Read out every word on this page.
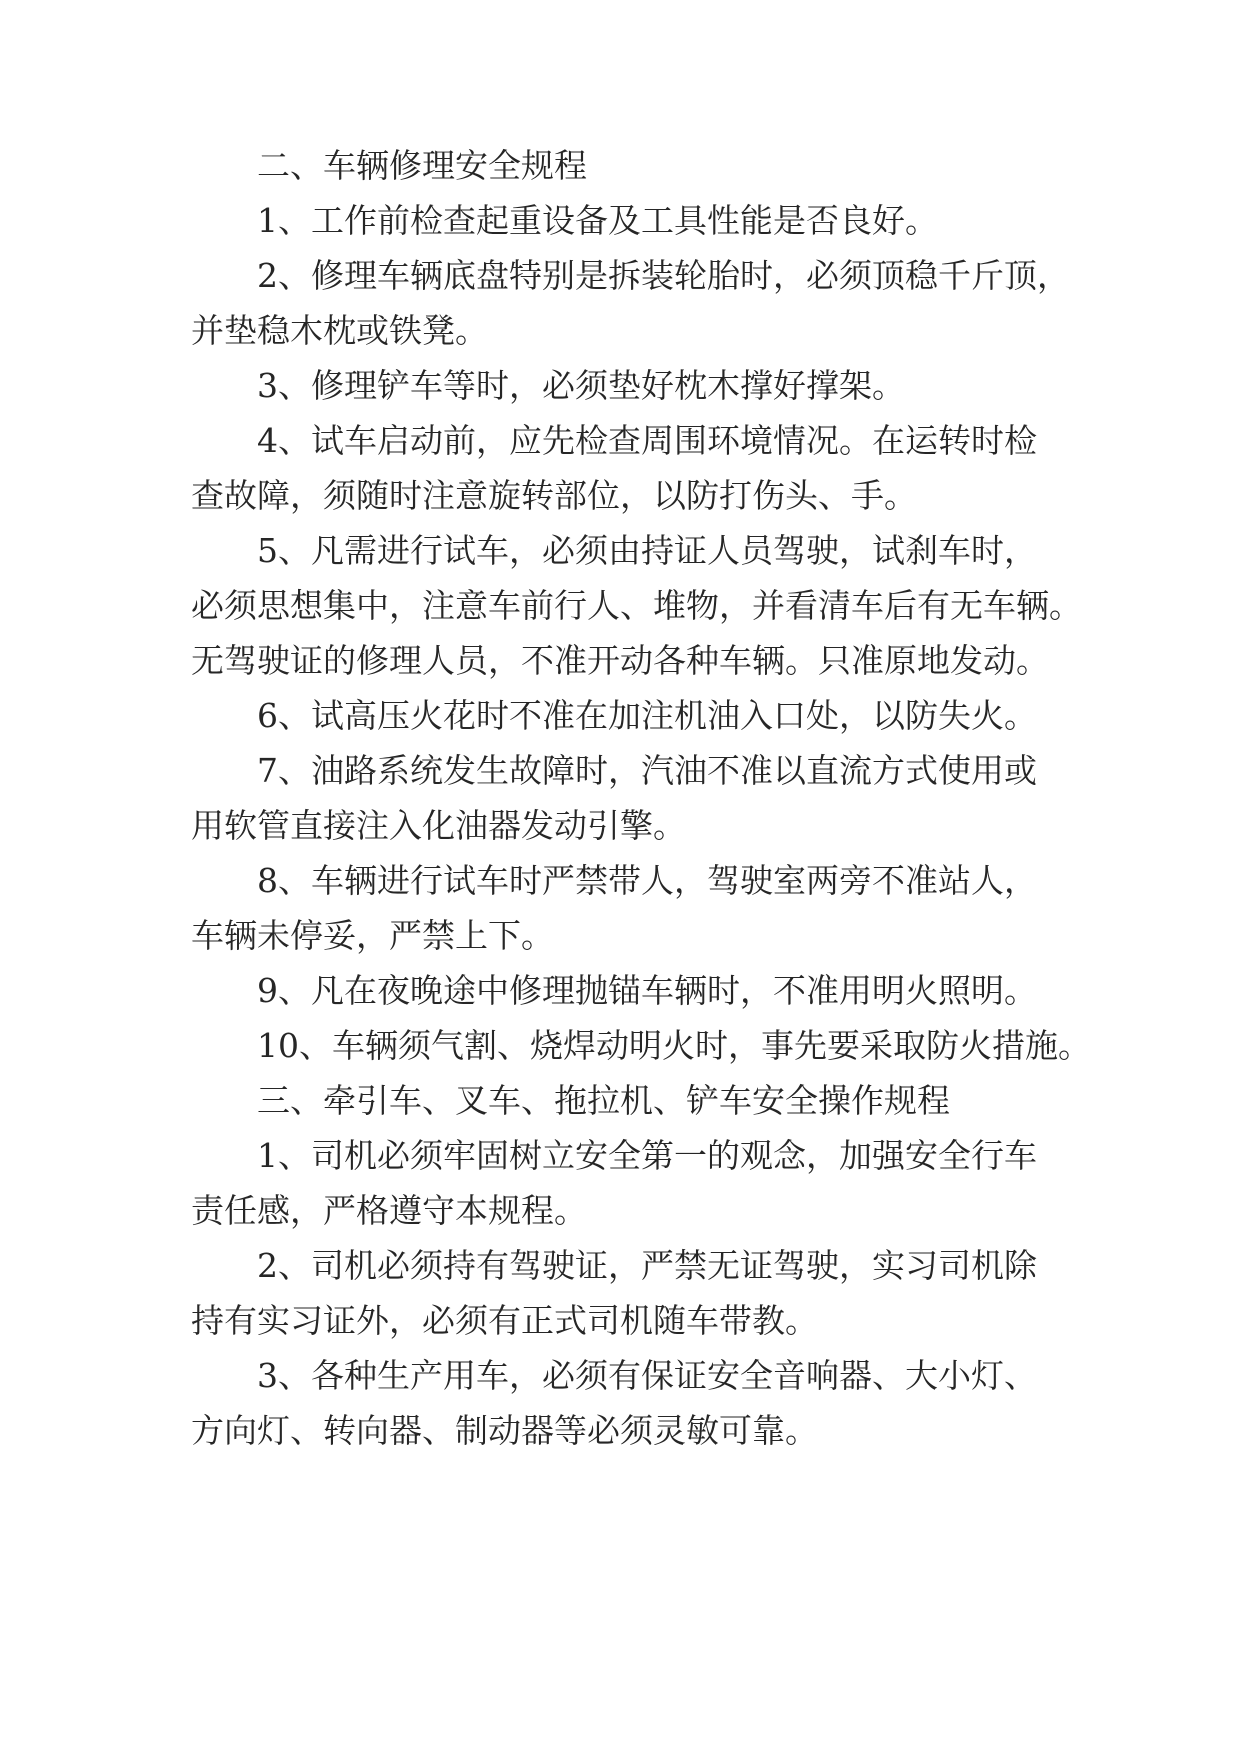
二、车辆修理安全规程
1、工作前检查起重设备及工具性能是否良好。
2、修理车辆底盘特别是拆装轮胎时，必须顶稳千斤顶，
并垫稳木枕或铁凳。
3、修理铲车等时，必须垫好枕木撑好撑架。
4、试车启动前，应先检查周围环境情况。在运转时检
查故障，须随时注意旋转部位，以防打伤头、手。
5、凡需进行试车，必须由持证人员驾驶，试刹车时，
必须思想集中，注意车前行人、堆物，并看清车后有无车辆。
无驾驶证的修理人员，不准开动各种车辆。只准原地发动。
6、试高压火花时不准在加注机油入口处，以防失火。
7、油路系统发生故障时，汽油不准以直流方式使用或
用软管直接注入化油器发动引擎。
8、车辆进行试车时严禁带人，驾驶室两旁不准站人，
车辆未停妥，严禁上下。
9、凡在夜晚途中修理抛锚车辆时，不准用明火照明。
10、车辆须气割、烧焊动明火时，事先要采取防火措施。
三、牵引车、叉车、拖拉机、铲车安全操作规程
1、司机必须牢固树立安全第一的观念，加强安全行车
责任感，严格遵守本规程。
2、司机必须持有驾驶证，严禁无证驾驶，实习司机除
持有实习证外，必须有正式司机随车带教。
3、各种生产用车，必须有保证安全音响器、大小灯、
方向灯、转向器、制动器等必须灵敏可靠。
